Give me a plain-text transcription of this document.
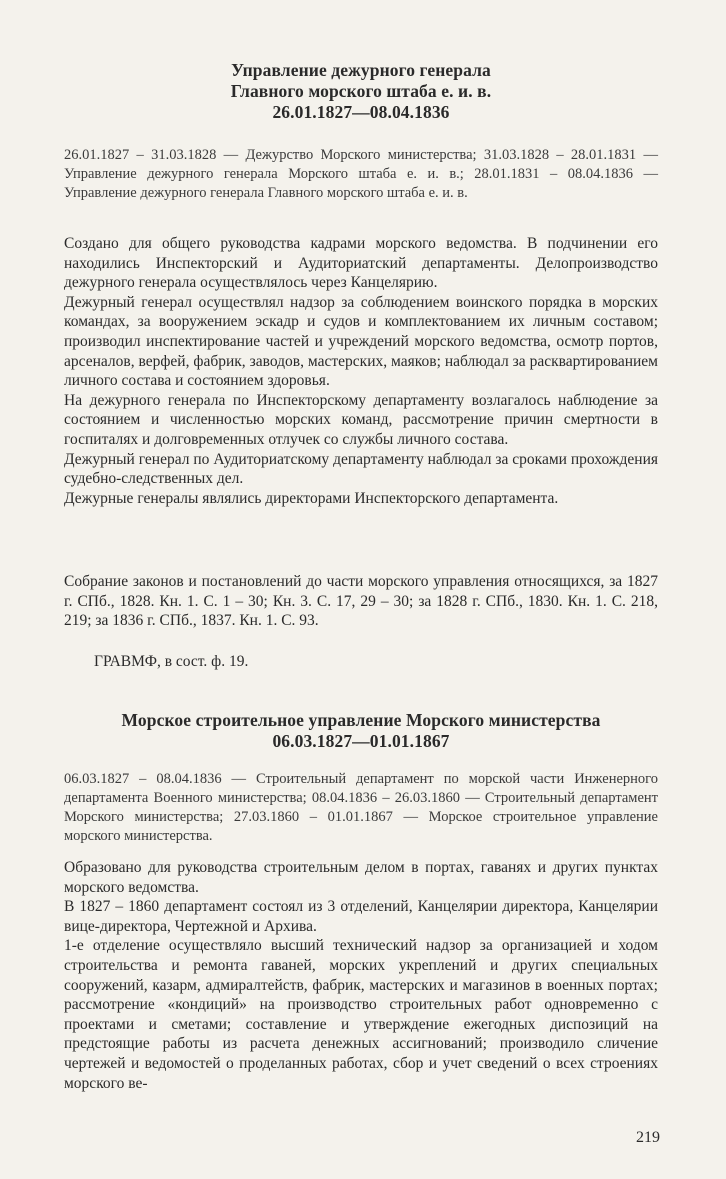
Управление дежурного генерала
Главного морского штаба е. и. в.
26.01.1827—08.04.1836

26.01.1827 – 31.03.1828 — Дежурство Морского министерства; 31.03.1828 – 28.01.1831 — Управление дежурного генерала Морского штаба е. и. в.; 28.01.1831 – 08.04.1836 — Управление дежурного генерала Главного морского штаба е. и. в.

Создано для общего руководства кадрами морского ведомства. В подчинении его находились Инспекторский и Аудиториатский департаменты. Делопроизводство дежурного генерала осуществлялось через Канцелярию.

Дежурный генерал осуществлял надзор за соблюдением воинского порядка в морских командах, за вооружением эскадр и судов и комплектованием их личным составом; производил инспектирование частей и учреждений морского ведомства, осмотр портов, арсеналов, верфей, фабрик, заводов, мастерских, маяков; наблюдал за расквартированием личного состава и состоянием здоровья.

На дежурного генерала по Инспекторскому департаменту возлагалось наблюдение за состоянием и численностью морских команд, рассмотрение причин смертности в госпиталях и долговременных отлучек со службы личного состава.

Дежурный генерал по Аудиториатскому департаменту наблюдал за сроками прохождения судебно-следственных дел.

Дежурные генералы являлись директорами Инспекторского департамента.

Собрание законов и постановлений до части морского управления относящихся, за 1827 г. СПб., 1828. Кн. 1. С. 1 – 30; Кн. 3. С. 17, 29 – 30; за 1828 г. СПб., 1830. Кн. 1. С. 218, 219; за 1836 г. СПб., 1837. Кн. 1. С. 93.

ГРАВМФ, в сост. ф. 19.

Морское строительное управление Морского министерства
06.03.1827—01.01.1867

06.03.1827 – 08.04.1836 — Строительный департамент по морской части Инженерного департамента Военного министерства; 08.04.1836 – 26.03.1860 — Строительный департамент Морского министерства; 27.03.1860 – 01.01.1867 — Морское строительное управление морского министерства.

Образовано для руководства строительным делом в портах, гаванях и других пунктах морского ведомства.

В 1827 – 1860 департамент состоял из 3 отделений, Канцелярии директора, Канцелярии вице-директора, Чертежной и Архива.

1-е отделение осуществляло высший технический надзор за организацией и ходом строительства и ремонта гаваней, морских укреплений и других специальных сооружений, казарм, адмиралтейств, фабрик, мастерских и магазинов в военных портах; рассмотрение «кондиций» на производство строительных работ одновременно с проектами и сметами; составление и утверждение ежегодных диспозиций на предстоящие работы из расчета денежных ассигнований; производило сличение чертежей и ведомостей о проделанных работах, сбор и учет сведений о всех строениях морского ве-

219
